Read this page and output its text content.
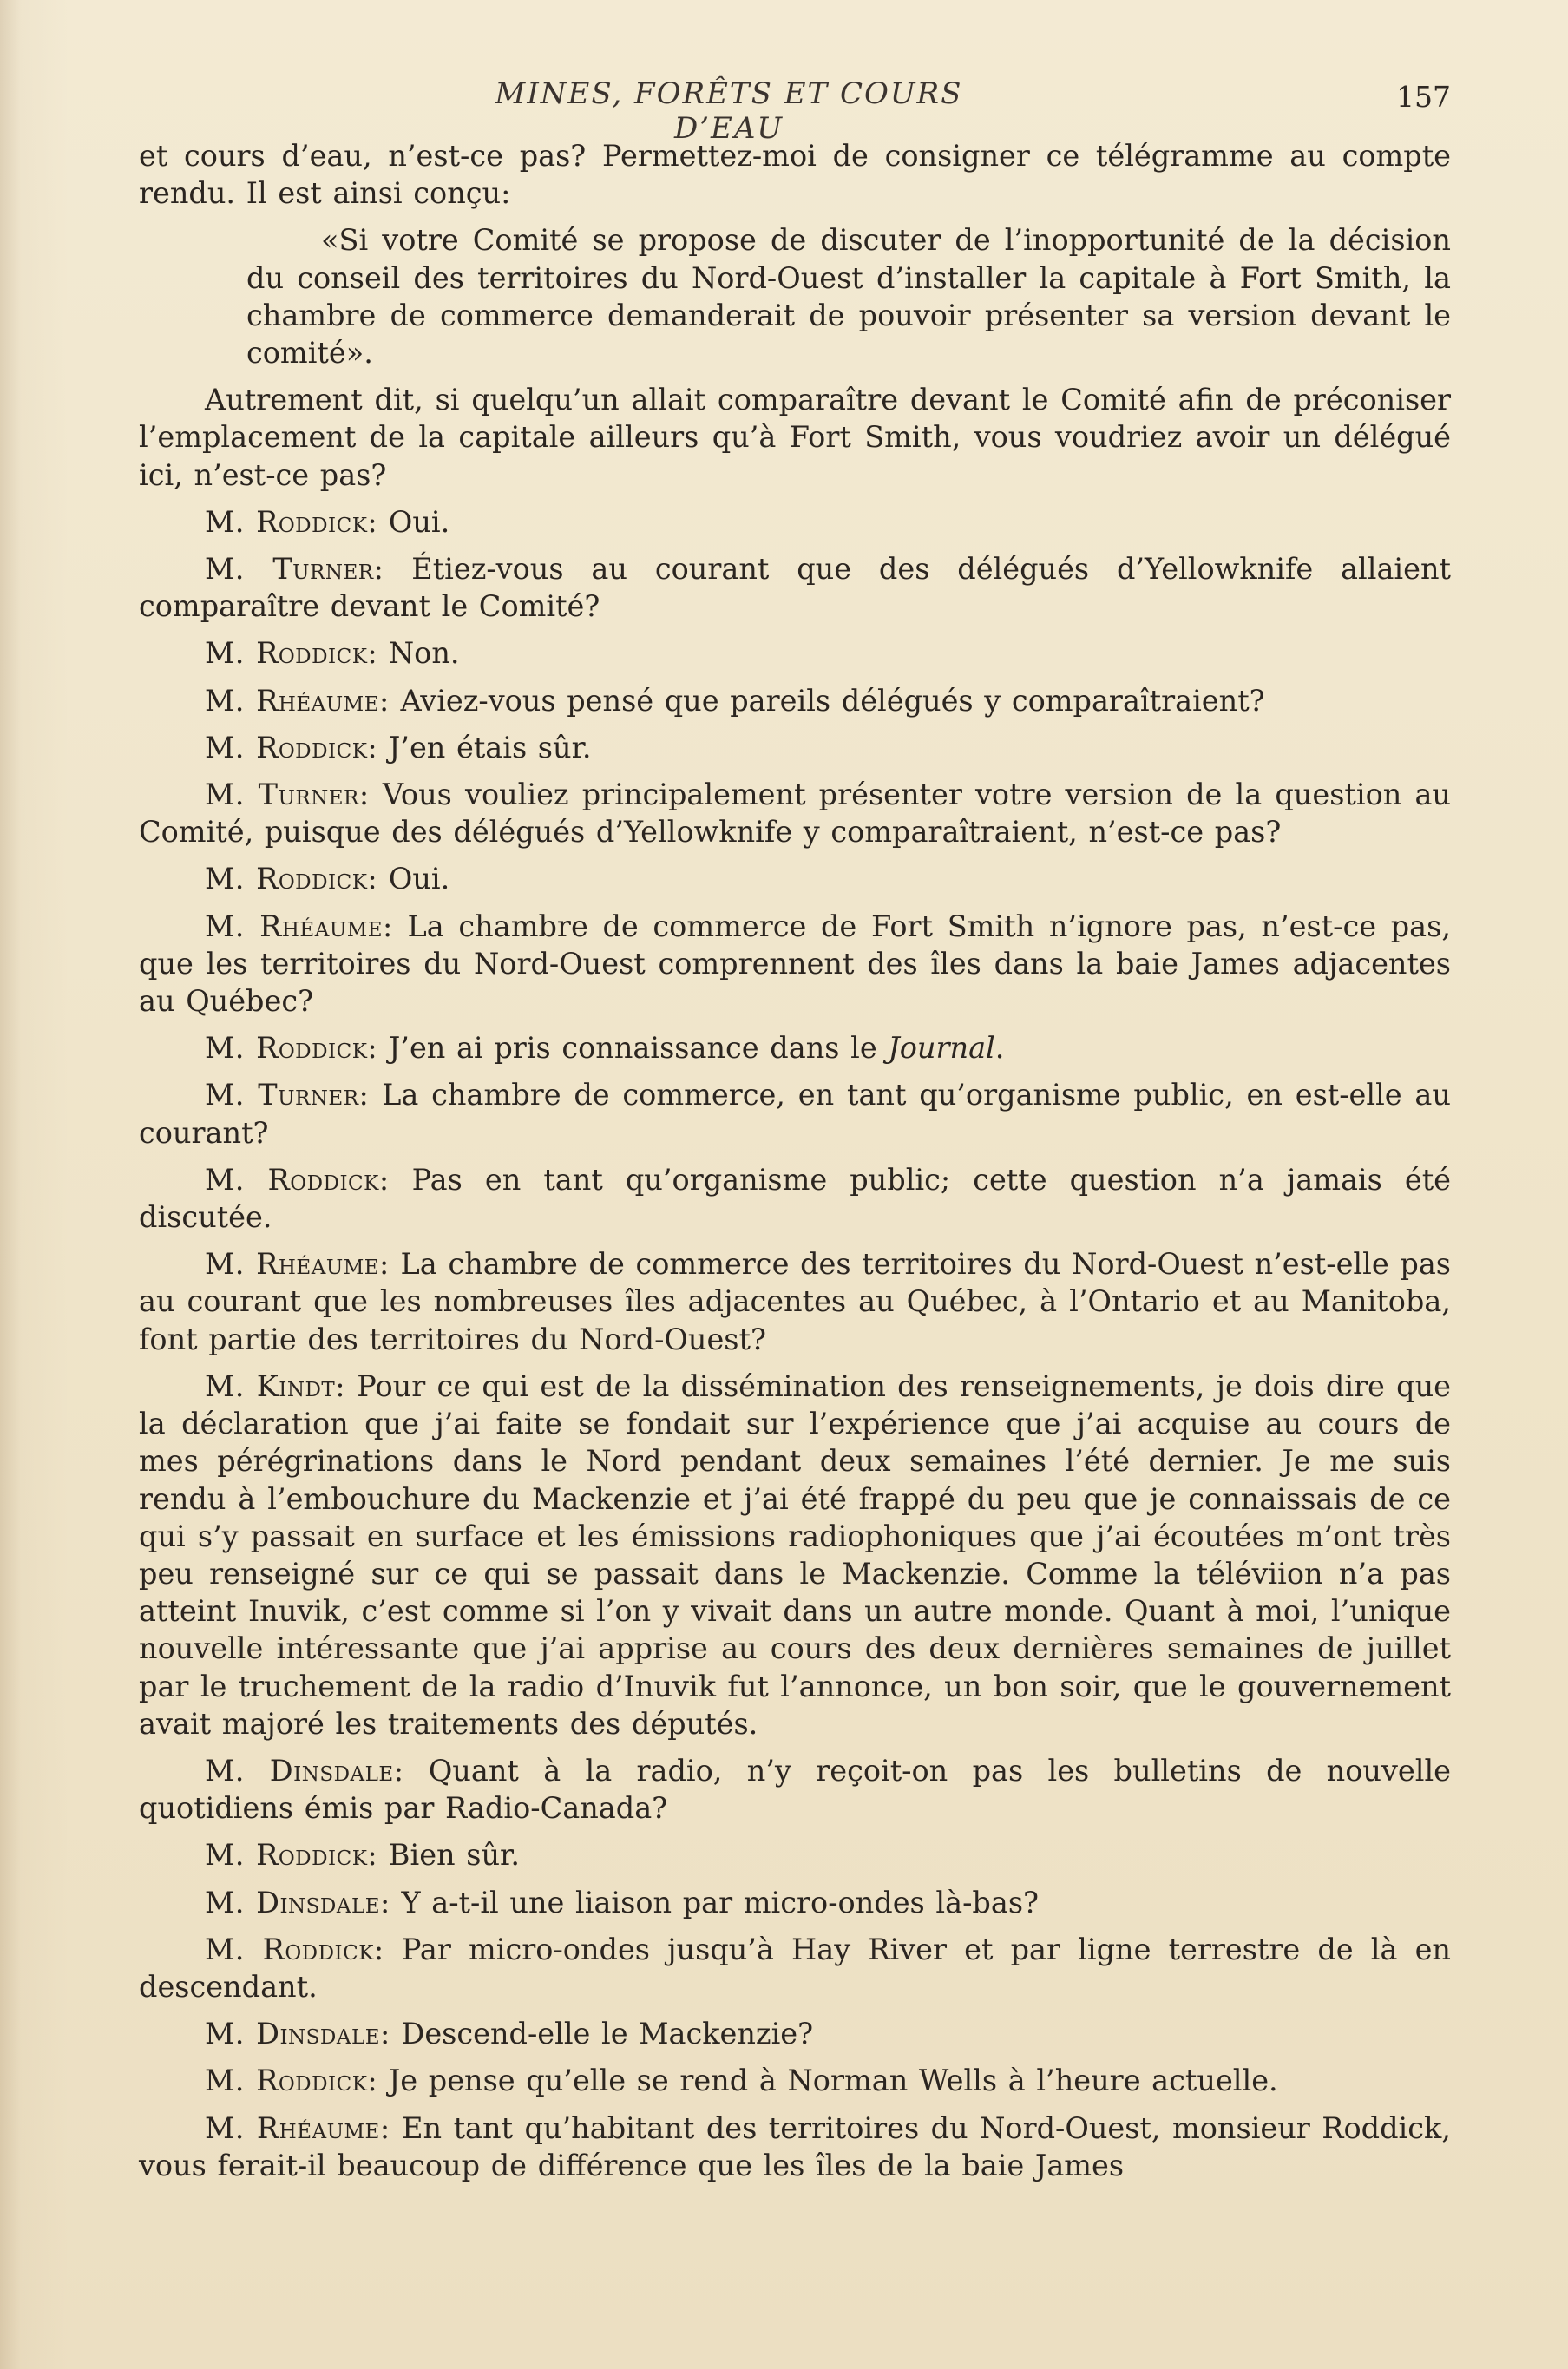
MINES, FORÊTS ET COURS D’EAU
157

et cours d’eau, n’est-ce pas? Permettez-moi de consigner ce télégramme au compte rendu. Il est ainsi conçu:

«Si votre Comité se propose de discuter de l’inopportunité de la décision du conseil des territoires du Nord-Ouest d’installer la capitale à Fort Smith, la chambre de commerce demanderait de pouvoir présenter sa version devant le comité».

Autrement dit, si quelqu’un allait comparaître devant le Comité afin de préconiser l’emplacement de la capitale ailleurs qu’à Fort Smith, vous voudriez avoir un délégué ici, n’est-ce pas?

M. Roddick: Oui.

M. Turner: Étiez-vous au courant que des délégués d’Yellowknife allaient comparaître devant le Comité?

M. Roddick: Non.

M. Rhéaume: Aviez-vous pensé que pareils délégués y comparaîtraient?

M. Roddick: J’en étais sûr.

M. Turner: Vous vouliez principalement présenter votre version de la question au Comité, puisque des délégués d’Yellowknife y comparaîtraient, n’est-ce pas?

M. Roddick: Oui.

M. Rhéaume: La chambre de commerce de Fort Smith n’ignore pas, n’est-ce pas, que les territoires du Nord-Ouest comprennent des îles dans la baie James adjacentes au Québec?

M. Roddick: J’en ai pris connaissance dans le Journal.

M. Turner: La chambre de commerce, en tant qu’organisme public, en est-elle au courant?

M. Roddick: Pas en tant qu’organisme public; cette question n’a jamais été discutée.

M. Rhéaume: La chambre de commerce des territoires du Nord-Ouest n’est-elle pas au courant que les nombreuses îles adjacentes au Québec, à l’Ontario et au Manitoba, font partie des territoires du Nord-Ouest?

M. Kindt: Pour ce qui est de la dissémination des renseignements, je dois dire que la déclaration que j’ai faite se fondait sur l’expérience que j’ai acquise au cours de mes pérégrinations dans le Nord pendant deux semaines l’été dernier. Je me suis rendu à l’embouchure du Mackenzie et j’ai été frappé du peu que je connaissais de ce qui s’y passait en surface et les émissions radiophoniques que j’ai écoutées m’ont très peu renseigné sur ce qui se passait dans le Mackenzie. Comme la téléviion n’a pas atteint Inuvik, c’est comme si l’on y vivait dans un autre monde. Quant à moi, l’unique nouvelle intéressante que j’ai apprise au cours des deux dernières semaines de juillet par le truchement de la radio d’Inuvik fut l’annonce, un bon soir, que le gouvernement avait majoré les traitements des députés.

M. Dinsdale: Quant à la radio, n’y reçoit-on pas les bulletins de nouvelle quotidiens émis par Radio-Canada?

M. Roddick: Bien sûr.

M. Dinsdale: Y a-t-il une liaison par micro-ondes là-bas?

M. Roddick: Par micro-ondes jusqu’à Hay River et par ligne terrestre de là en descendant.

M. Dinsdale: Descend-elle le Mackenzie?

M. Roddick: Je pense qu’elle se rend à Norman Wells à l’heure actuelle.

M. Rhéaume: En tant qu’habitant des territoires du Nord-Ouest, monsieur Roddick, vous ferait-il beaucoup de différence que les îles de la baie James
